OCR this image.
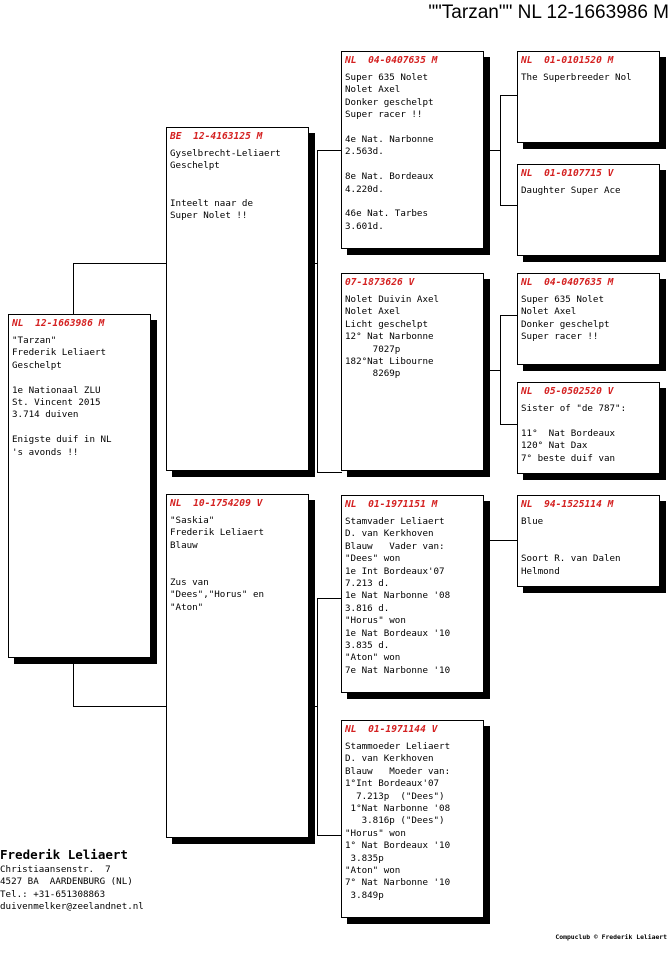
""Tarzan"" NL 12-1663986 M
NL  12-1663986 M
"Tarzan"
Frederik Leliaert
Geschelpt
1e Nationaal ZLU
St. Vincent 2015
3.714 duiven
Enigste duif in NL
's avonds !!
BE  12-4163125 M
Gyselbrecht-Leliaert
Geschelpt
Inteelt naar de
Super Nolet !!
NL  10-1754209 V
"Saskia"
Frederik Leliaert
Blauw
Zus van
"Dees","Horus" en
"Aton"
NL  04-0407635 M
Super 635 Nolet
Nolet Axel
Donker geschelpt
Super racer !!
4e Nat. Narbonne
2.563d.
8e Nat. Bordeaux
4.220d.
46e Nat. Tarbes
3.601d.
07-1873626 V
Nolet Duivin Axel
Nolet Axel
Licht geschelpt
12° Nat Narbonne
7027p
182°Nat Libourne
8269p
NL  01-1971151 M
Stamvader Leliaert
D. van Kerkhoven
Blauw   Vader van:
"Dees" won
1e Int Bordeaux'07
7.213 d.
1e Nat Narbonne '08
3.816 d.
"Horus" won
1e Nat Bordeaux '10
3.835 d.
"Aton" won
7e Nat Narbonne '10
NL  01-1971144 V
Stammoeder Leliaert
D. van Kerkhoven
Blauw   Moeder van:
1°Int Bordeaux'07
7.213p  ("Dees")
1°Nat Narbonne '08
3.816p ("Dees")
"Horus" won
1° Nat Bordeaux '10
3.835p
"Aton" won
7° Nat Narbonne '10
3.849p
NL  01-0101520 M
The Superbreeder Nol
NL  01-0107715 V
Daughter Super Ace
NL  04-0407635 M
Super 635 Nolet
Nolet Axel
Donker geschelpt
Super racer !!
NL  05-0502520 V
Sister of "de 787":
11°  Nat Bordeaux
120° Nat Dax
7° beste duif van
NL  94-1525114 M
Blue
Soort R. van Dalen
Helmond
Frederik Leliaert
Christiaansenstr.  7
4527 BA  AARDENBURG (NL)
Tel.: +31-651308863
duivenmelker@zeelandnet.nl
Compuclub © Frederik Leliaert
